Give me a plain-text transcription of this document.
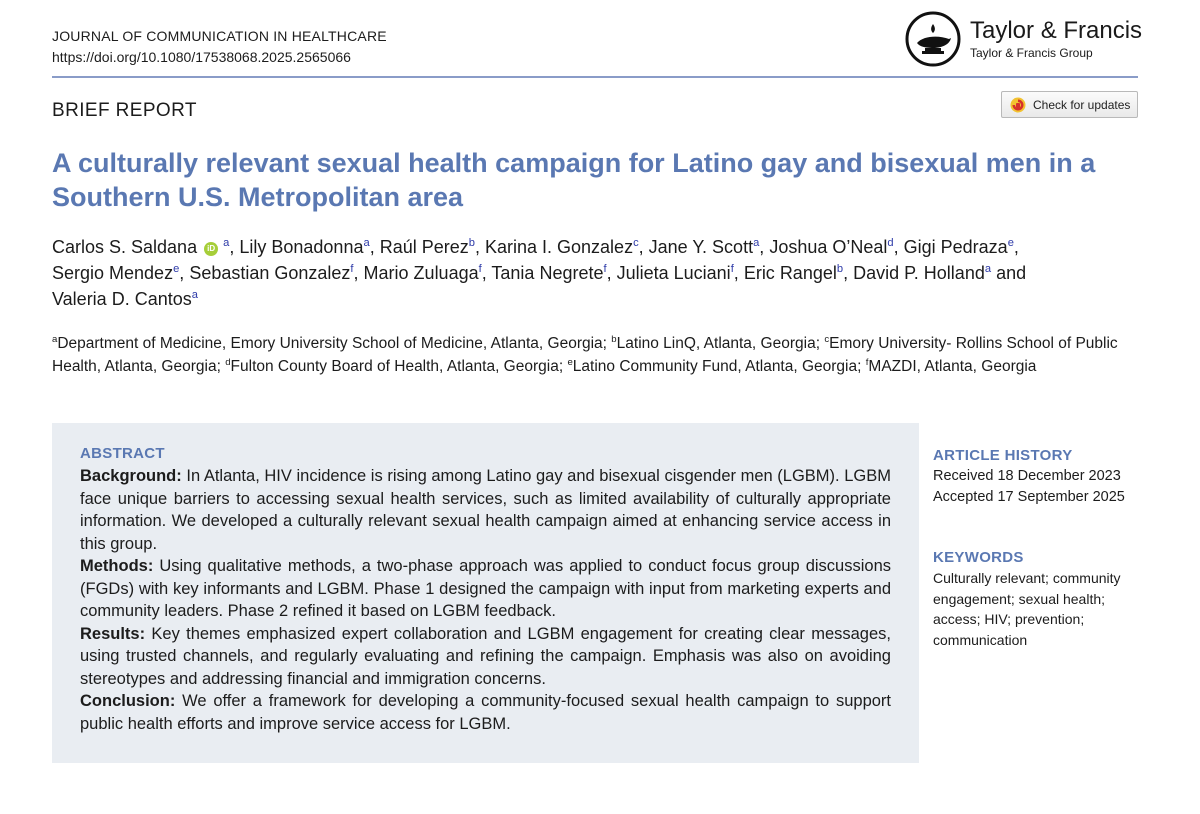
JOURNAL OF COMMUNICATION IN HEALTHCARE
https://doi.org/10.1080/17538068.2025.2565066
Taylor & Francis
Taylor & Francis Group
BRIEF REPORT	Check for updates
A culturally relevant sexual health campaign for Latino gay and bisexual men in a Southern U.S. Metropolitan area
Carlos S. Saldana iD $^a$, Lily Bonadonna$^a$, Raúl Perez$^b$, Karina I. Gonzalez$^c$, Jane Y. Scott$^a$, Joshua O’Neal$^d$, Gigi Pedraza$^e$, Sergio Mendez$^e$, Sebastian Gonzalez$^f$, Mario Zuluaga$^f$, Tania Negrete$^f$, Julieta Luciani$^f$, Eric Rangel$^b$, David P. Holland$^a$ and Valeria D. Cantos$^a$
$^a$Department of Medicine, Emory University School of Medicine, Atlanta, Georgia; $^b$Latino LinQ, Atlanta, Georgia; $^c$Emory University- Rollins School of Public Health, Atlanta, Georgia; $^d$Fulton County Board of Health, Atlanta, Georgia; $^e$Latino Community Fund, Atlanta, Georgia; $^f$MAZDI, Atlanta, Georgia
ABSTRACT

Background: In Atlanta, HIV incidence is rising among Latino gay and bisexual cisgender men (LGBM). LGBM face unique barriers to accessing sexual health services, such as limited availability of culturally appropriate information. We developed a culturally relevant sexual health campaign aimed at enhancing service access in this group.

Methods: Using qualitative methods, a two-phase approach was applied to conduct focus group discussions (FGDs) with key informants and LGBM. Phase 1 designed the campaign with input from marketing experts and community leaders. Phase 2 refined it based on LGBM feedback.

Results: Key themes emphasized expert collaboration and LGBM engagement for creating clear messages, using trusted channels, and regularly evaluating and refining the campaign. Emphasis was also on avoiding stereotypes and addressing financial and immigration concerns.

Conclusion: We offer a framework for developing a community-focused sexual health campaign to support public health efforts and improve service access for LGBM.

ARTICLE HISTORY
Received 18 December 2023
Accepted 17 September 2025
KEYWORDS
Culturally relevant; community engagement; sexual health; access; HIV; prevention; communication
